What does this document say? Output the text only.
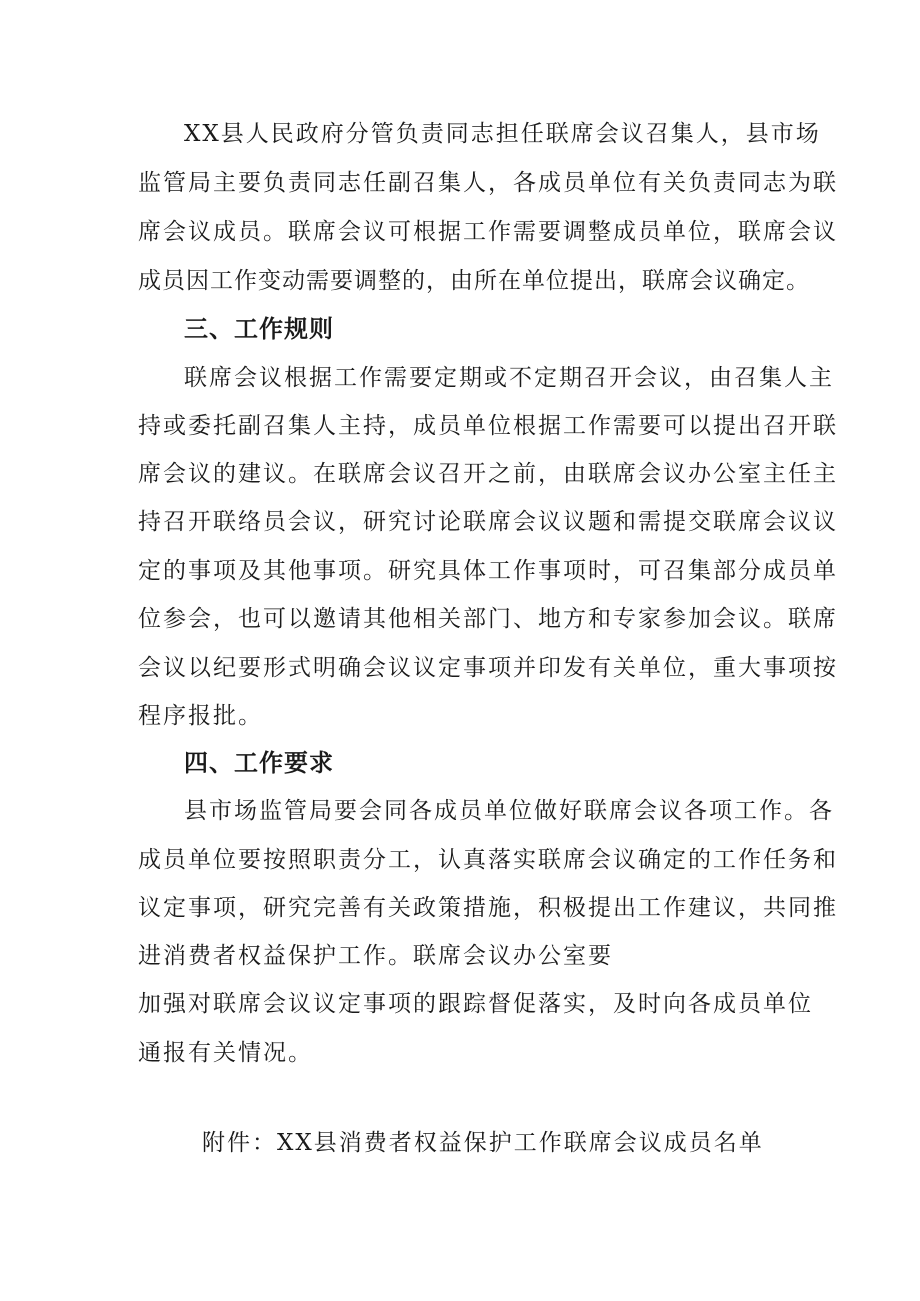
XX县人民政府分管负责同志担任联席会议召集人，县市场
监管局主要负责同志任副召集人，各成员单位有关负责同志为联
席会议成员。联席会议可根据工作需要调整成员单位，联席会议
成员因工作变动需要调整的，由所在单位提出，联席会议确定。
三、工作规则
联席会议根据工作需要定期或不定期召开会议，由召集人主
持或委托副召集人主持，成员单位根据工作需要可以提出召开联
席会议的建议。在联席会议召开之前，由联席会议办公室主任主
持召开联络员会议，研究讨论联席会议议题和需提交联席会议议
定的事项及其他事项。研究具体工作事项时，可召集部分成员单
位参会，也可以邀请其他相关部门、地方和专家参加会议。联席
会议以纪要形式明确会议议定事项并印发有关单位，重大事项按
程序报批。
四、工作要求
县市场监管局要会同各成员单位做好联席会议各项工作。各
成员单位要按照职责分工，认真落实联席会议确定的工作任务和
议定事项，研究完善有关政策措施，积极提出工作建议，共同推
进消费者权益保护工作。联席会议办公室要
加强对联席会议议定事项的跟踪督促落实，及时向各成员单位
通报有关情况。
附件：XX县消费者权益保护工作联席会议成员名单
